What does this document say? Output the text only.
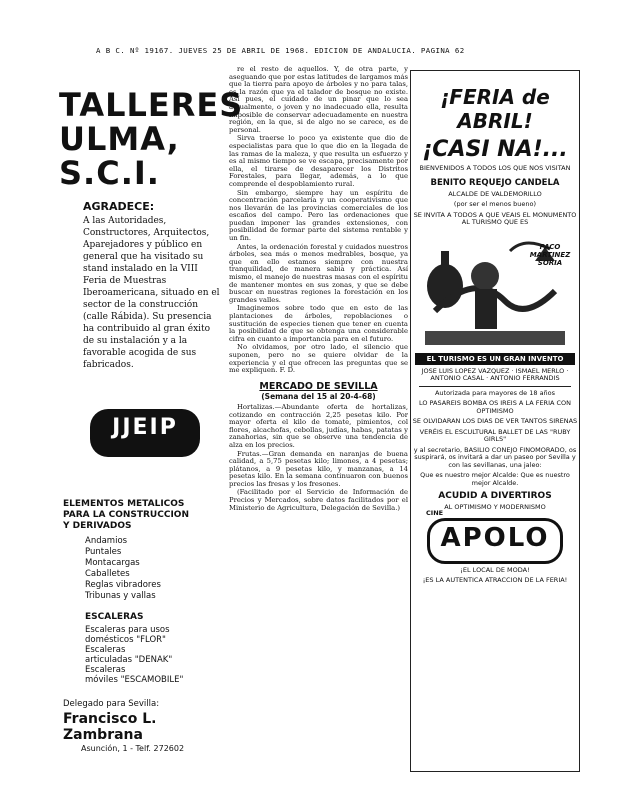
A B C. Nº 19167. JUEVES 25 DE ABRIL DE 1968. EDICION DE ANDALUCIA. PAGINA 62
TALLERES
ULMA, S.C.I.
AGRADECE:
A las Autoridades, Constructores, Arquitectos, Aparejadores y público en general que ha visitado su stand instalado en la VIII Feria de Muestras Iberoamericana, situado en el sector de la construcción (calle Rábida). Su presencia ha contribuido al gran éxito de su instalación y a la favorable acogida de sus fabricados.
JJEIP
ELEMENTOS METALICOS
PARA LA CONSTRUCCION
Y DERIVADOS
Andamios
Puntales
Montacargas
Caballetes
Reglas vibradores
Tribunas y vallas
ESCALERAS
Escaleras para usos
domésticos "FLOR"
Escaleras
articuladas "DENAK"
Escaleras
móviles "ESCAMOBILE"
Delegado para Sevilla:
Francisco L. Zambrana
Asunción, 1 - Telf. 272602

re el resto de aquellos. Y, de otra parte, y aseguando que por estas latitudes de largamos más que la tierra para apoyo de árboles y no para talas, es la razón que ya el talador de bosque no existe. Así pues, el cuidado de un pinar que lo sea actualmente, o joven y no inadecuado ella, resulta imposible de conservar adecuadamente en nuestra región, en la que, si de algo no se carece, es de personal.

Sirva traerse lo poco ya existente que dio de especialistas para que lo que dio en la llegada de las ramas de la maleza, y que resulta un esfuerzo y es al mismo tiempo se ve escapa, precisamente por ella, el tirarse de desaparecer los Distritos Forestales, para llegar, además, a lo que comprende el despoblamiento rural.

Sin embargo, siempre hay un espíritu de concentración parcelaria y un cooperativismo que nos llevarán de las provincias comerciales de los escaños del campo. Pero las ordenaciones que puedan imponer las grandes extensiones, con posibilidad de formar parte del sistema rentable y un fin.

Antes, la ordenación forestal y cuidados nuestros árboles, sea más o menos medrables, bosque, ya que en ello estamos siempre con nuestra tranquilidad, de manera sabia y práctica. Así mismo, el manejo de nuestras masas con el espíritu de mantener montes en sus zonas, y que se debe buscar en nuestras regiones la forestación en los grandes valles.

Imaginemos sobre todo que en esto de las plantaciones de árboles, repoblaciones o sustitución de especies tienen que tener en cuenta la posibilidad de que se obtenga una considerable cifra en cuanto a importancia para en el futuro.

No olvidamos, por otro lado, el silencio que suponen, pero no se quiere olvidar de la experiencia y el que ofrecen las preguntas que se me expliquen. F. D.

MERCADO DE SEVILLA
(Semana del 15 al 20-4-68)

Hortalizas.—Abundante oferta de hortalizas, cotizando en contracción 2,25 pesetas kilo. Por mayor oferta el kilo de tomate, pimientos, col flores, alcachofas, cebollas, judías, habas, patatas y zanahorias, sin que se observe una tendencia de alza en los precios.

Frutas.—Gran demanda en naranjas de buena calidad, a 5,75 pesetas kilo; limones, a 4 pesetas; plátanos, a 9 pesetas kilo, y manzanas, a 14 pesetas kilo. En la semana continuaron con buenos precios las fresas y los fresones.

(Facilitado por el Servicio de Información de Precios y Mercados, sobre datos facilitados por el Ministerio de Agricultura, Delegación de Sevilla.)

¡FERIA de ABRIL!
¡CASI NA!...
BIENVENIDOS A TODOS LOS QUE NOS VISITAN
BENITO REQUEJO CANDELA
ALCALDE DE VALDEMORILLO
(por ser el menos bueno)
SE INVITA A TODOS A QUE VEAIS EL MONUMENTO AL TURISMO QUE ES
PACO MARTINEZ SORIA
EL TURISMO ES UN GRAN INVENTO
JOSE LUIS LOPEZ VAZQUEZ · ISMAEL MERLO · ANTONIO CASAL · ANTONIO FERRANDIS
Autorizada para mayores de 18 años
LO PASAREIS BOMBA OS IREIS A LA FERIA CON OPTIMISMO
SE OLVIDARAN LOS DIAS DE VER TANTOS SIRENAS
VERÉIS EL ESCULTURAL BALLET DE LAS "RUBY GIRLS"
y al secretario, BASILIO CONEJO FINOMORADO, os suspirará, os invitará a dar un paseo por Sevilla y con las sevillanas, una jaleo:
Que es nuestro mejor Alcalde: Que es nuestro mejor Alcalde.
ACUDID A DIVERTIROS
AL OPTIMISMO Y MODERNISMO
CINE
APOLO
¡EL LOCAL DE MODA!
¡ES LA AUTENTICA ATRACCION DE LA FERIA!
